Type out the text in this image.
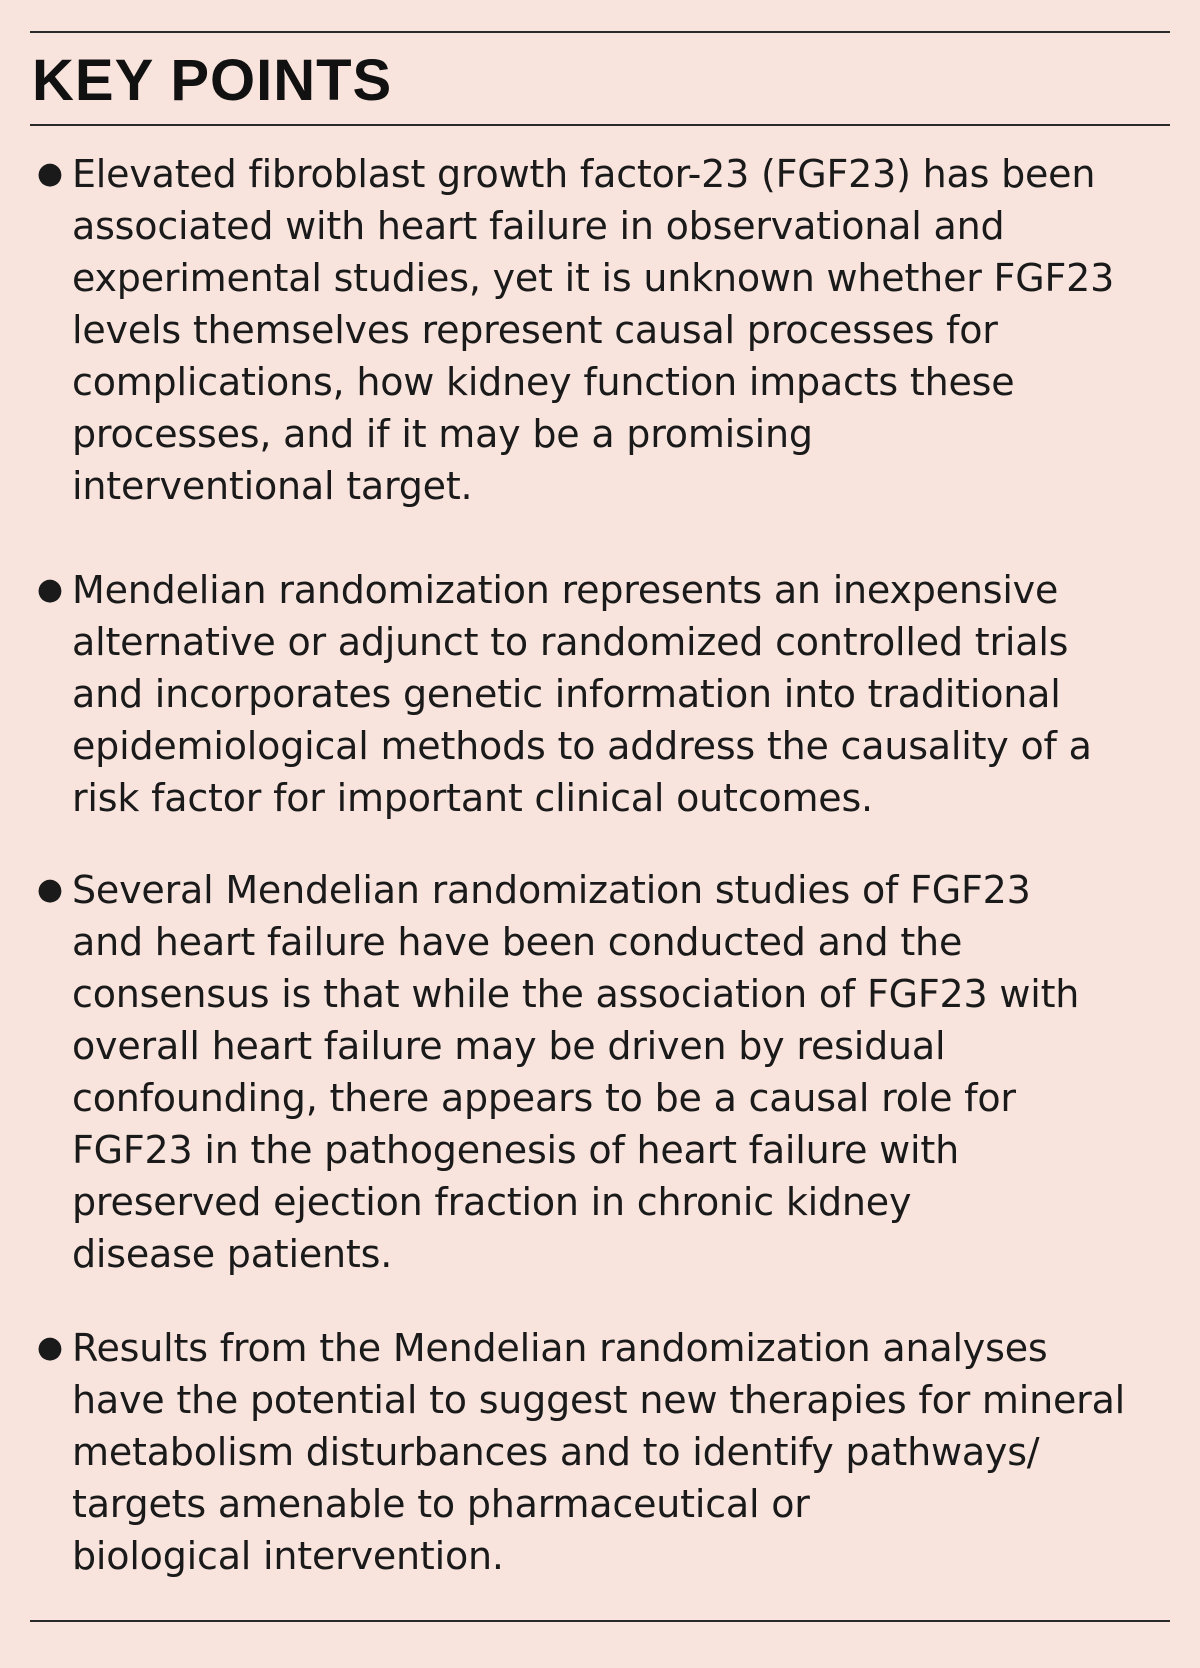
KEY POINTS
● Elevated fibroblast growth factor-23 (FGF23) has been
associated with heart failure in observational and
experimental studies, yet it is unknown whether FGF23
levels themselves represent causal processes for
complications, how kidney function impacts these
processes, and if it may be a promising
interventional target.

● Mendelian randomization represents an inexpensive
alternative or adjunct to randomized controlled trials
and incorporates genetic information into traditional
epidemiological methods to address the causality of a
risk factor for important clinical outcomes.

● Several Mendelian randomization studies of FGF23
and heart failure have been conducted and the
consensus is that while the association of FGF23 with
overall heart failure may be driven by residual
confounding, there appears to be a causal role for
FGF23 in the pathogenesis of heart failure with
preserved ejection fraction in chronic kidney
disease patients.

● Results from the Mendelian randomization analyses
have the potential to suggest new therapies for mineral
metabolism disturbances and to identify pathways/
targets amenable to pharmaceutical or
biological intervention.
